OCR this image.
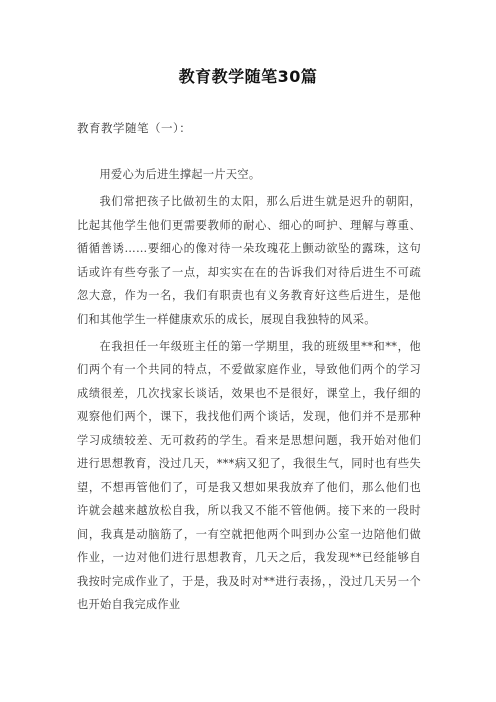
教育教学随笔30篇
教育教学随笔（一）：

用爱心为后进生撑起一片天空。

我们常把孩子比做初生的太阳，那么后进生就是迟升的朝阳，比起其他学生他们更需要教师的耐心、细心的呵护、理解与尊重、循循善诱……要细心的像对待一朵玫瑰花上颤动欲坠的露珠，这句话或许有些夸张了一点，却实实在在的告诉我们对待后进生不可疏忽大意，作为一名，我们有职责也有义务教育好这些后进生，是他们和其他学生一样健康欢乐的成长，展现自我独特的风采。

在我担任一年级班主任的第一学期里，我的班级里**和**，他们两个有一个共同的特点，不爱做家庭作业，导致他们两个的学习成绩很差，几次找家长谈话，效果也不是很好，课堂上，我仔细的观察他们两个，课下，我找他们两个谈话，发现，他们并不是那种学习成绩较差、无可救药的学生。看来是思想问题，我开始对他们进行思想教育，没过几天，***病又犯了，我很生气，同时也有些失望，不想再管他们了，可是我又想如果我放弃了他们，那么他们也许就会越来越放松自我，所以我又不能不管他俩。接下来的一段时间，我真是动脑筋了，一有空就把他两个叫到办公室一边陪他们做作业，一边对他们进行思想教育，几天之后，我发现**已经能够自我按时完成作业了，于是，我及时对**进行表扬，，没过几天另一个也开始自我完成作业
